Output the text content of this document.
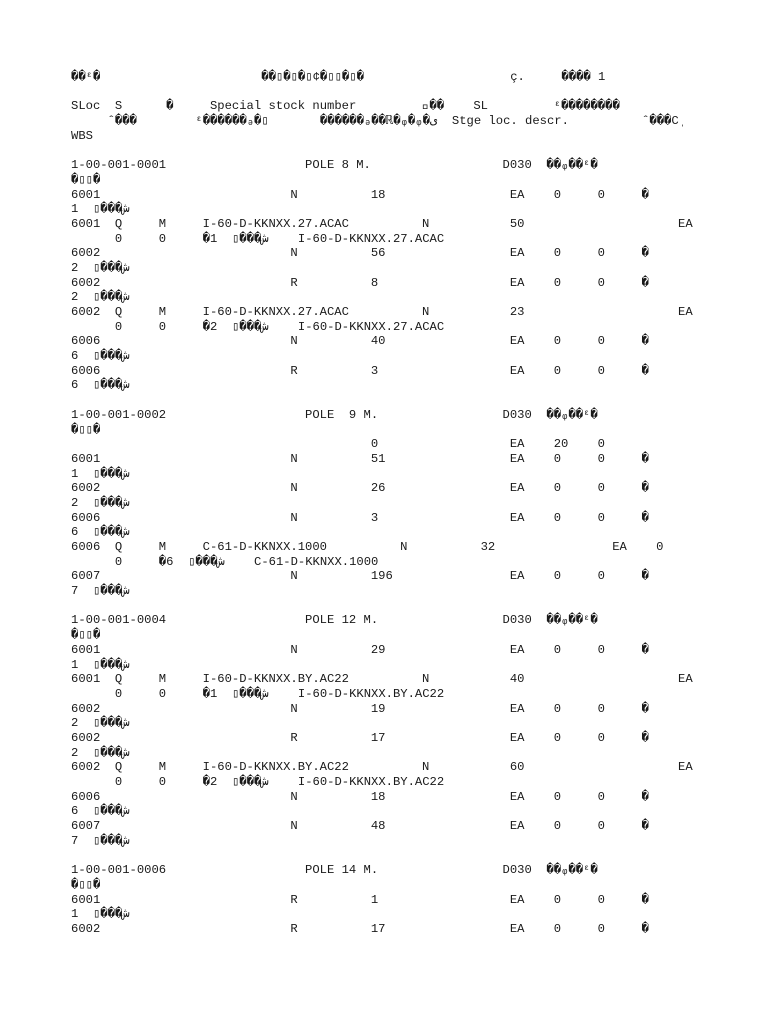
��ᵋ�                      ��▯�▯�▯¢�▯▯�▯�                    ç.     ���� 1
SLoc  S      �     Special stock number         ᷌��    SL         ᵋ��������
ˆ���        ᵋ������ₔ�▯       ������ₔ��ℝ�ᵩ�ᵩ�ﻯ  Stge loc. descr.          ˆ���Cˌ
WBS
1-00-001-0001                   POLE 8 M.                  D030  ��ᵩ��ᵋ�
�▯▯�
6001                          N          18                 EA    0     0     �
ﺵ���▯  1
6001  Q     M     I-60-D-KKNXX.27.ACAC          N           50                     EA
0     0     �ﺵ���▯  1    I-60-D-KKNXX.27.ACAC
6002                          N          56                 EA    0     0     �
ﺵ���▯  2
6002                          R          8                  EA    0     0     �
ﺵ���▯  2
6002  Q     M     I-60-D-KKNXX.27.ACAC          N           23                     EA
0     0     �ﺵ���▯  2    I-60-D-KKNXX.27.ACAC
6006                          N          40                 EA    0     0     �
ﺵ���▯  6
6006                          R          3                  EA    0     0     �
ﺵ���▯  6
1-00-001-0002                   POLE  9 M.                 D030  ��ᵩ��ᵋ�
�▯▯�
0                  EA    20    0
6001                          N          51                 EA    0     0     �
ﺵ���▯  1
6002                          N          26                 EA    0     0     �
ﺵ���▯  2
6006                          N          3                  EA    0     0     �
ﺵ���▯  6
6006  Q     M     C-61-D-KKNXX.1000          N          32                EA    0
0     �ﺵ���▯  6    C-61-D-KKNXX.1000
6007                          N          196                EA    0     0     �
ﺵ���▯  7
1-00-001-0004                   POLE 12 M.                 D030  ��ᵩ��ᵋ�
�▯▯�
6001                          N          29                 EA    0     0     �
ﺵ���▯  1
6001  Q     M     I-60-D-KKNXX.BY.AC22          N           40                     EA
0     0     �ﺵ���▯  1    I-60-D-KKNXX.BY.AC22
6002                          N          19                 EA    0     0     �
ﺵ���▯  2
6002                          R          17                 EA    0     0     �
ﺵ���▯  2
6002  Q     M     I-60-D-KKNXX.BY.AC22          N           60                     EA
0     0     �ﺵ���▯  2    I-60-D-KKNXX.BY.AC22
6006                          N          18                 EA    0     0     �
ﺵ���▯  6
6007                          N          48                 EA    0     0     �
ﺵ���▯  7
1-00-001-0006                   POLE 14 M.                 D030  ��ᵩ��ᵋ�
�▯▯�
6001                          R          1                  EA    0     0     �
ﺵ���▯  1
6002                          R          17                 EA    0     0     �
